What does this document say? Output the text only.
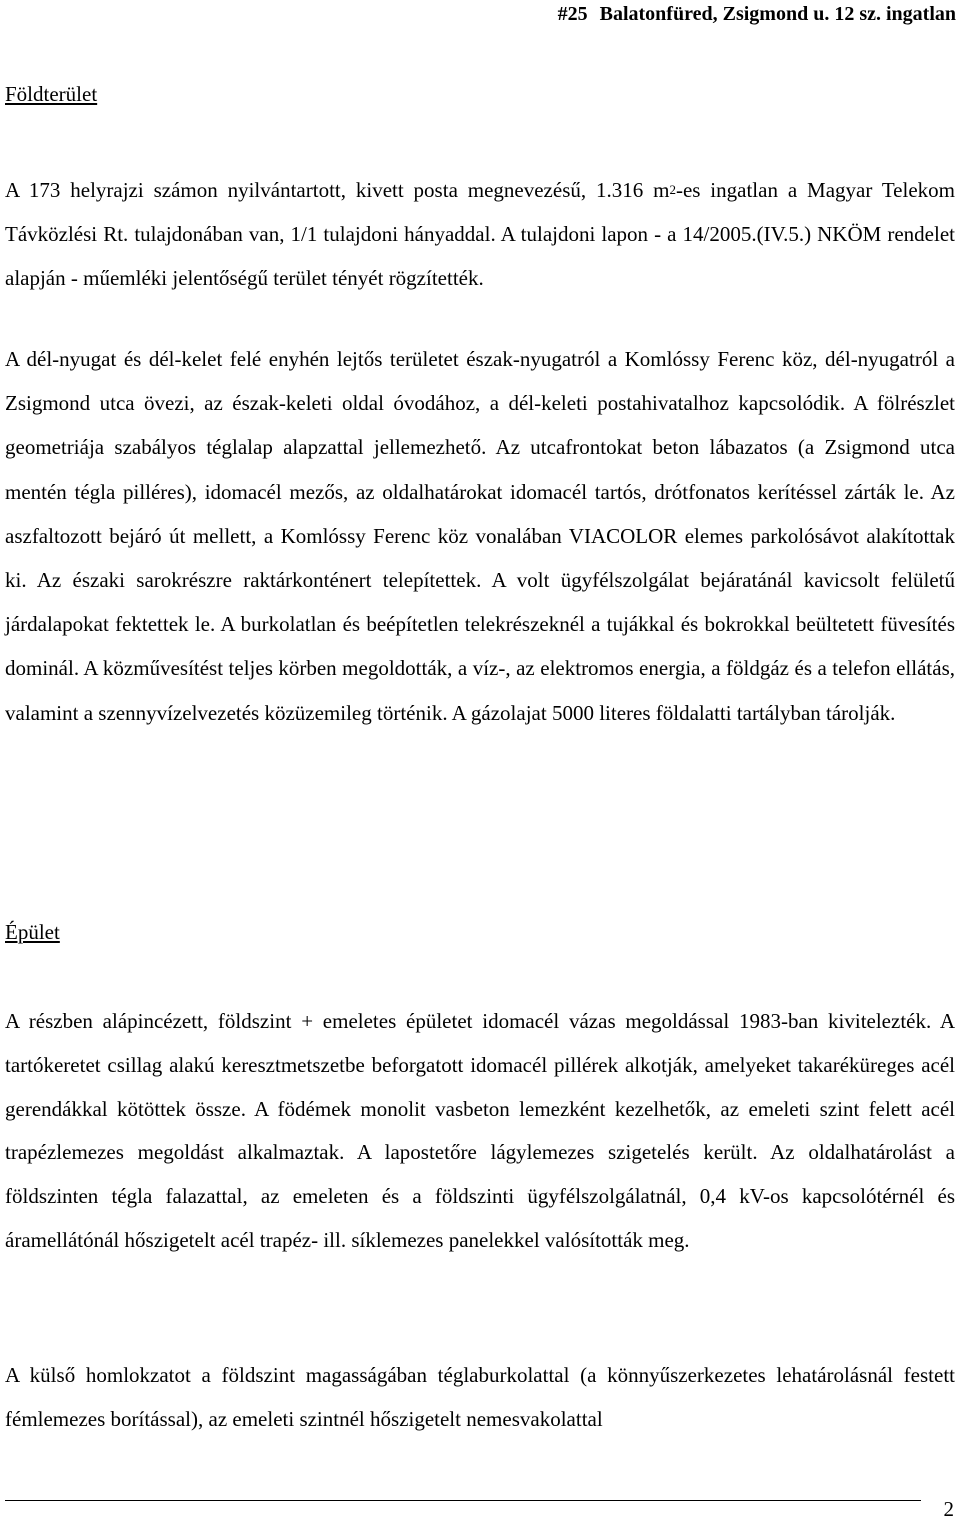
#25 Balatonfüred, Zsigmond u. 12 sz. ingatlan
Földterület

A 173 helyrajzi számon nyilvántartott, kivett posta megnevezésű, 1.316 $m^2-es$ ingatlan a Magyar Telekom Távközlési Rt. tulajdonában van, 1/1 tulajdoni hányaddal. A tulajdoni lapon - a 14/2005.(IV.5.) NKÖM rendelet alapján - műemléki jelentőségű terület tényét rögzítették.

A dél-nyugat és dél-kelet felé enyhén lejtős területet észak-nyugatról a Komlóssy Ferenc köz, dél-nyugatról a Zsigmond utca övezi, az észak-keleti oldal óvodához, a dél-keleti postahivatalhoz kapcsolódik. A fölrészlet geometriája szabályos téglalap alapzattal jellemezhető. Az utcafrontokat beton lábazatos (a Zsigmond utca mentén tégla pilléres), idomacél mezős, az oldalhatárokat idomacél tartós, drótfonatos kerítéssel zárták le. Az aszfaltozott bejáró út mellett, a Komlóssy Ferenc köz vonalában VIACOLOR elemes parkolósávot alakítottak ki. Az északi sarokrészre raktárkonténert telepítettek. A volt ügyfélszolgálat bejáratánál kavicsolt felületű járdalapokat fektettek le. A burkolatlan és beépítetlen telekrészeknél a tujákkal és bokrokkal beültetett füvesítés dominál. A közművesítést teljes körben megoldották, a víz-, az elektromos energia, a földgáz és a telefon ellátás, valamint a szennyvízelvezetés közüzemileg történik. A gázolajat 5000 literes földalatti tartályban tárolják.

Épület

A részben alápincézett, földszint + emeletes épületet idomacél vázas megoldással 1983-ban kivitelezték. A tartókeretet csillag alakú keresztmetszetbe beforgatott idomacél pillérek alkotják, amelyeket takaréküreges acél gerendákkal kötöttek össze. A födémek monolit vasbeton lemezként kezelhetők, az emeleti szint felett acél trapézlemezes megoldást alkalmaztak. A lapostetőre lágylemezes szigetelés került. Az oldalhatárolást a földszinten tégla falazattal, az emeleten és a földszinti ügyfélszolgálatnál, 0,4 kV-os kapcsolótérnél és áramellátónál hőszigetelt acél trapéz- ill. síklemezes panelekkel valósították meg.

A külső homlokzatot a földszint magasságában téglaburkolattal (a könnyűszerkezetes lehatárolásnál festett fémlemezes borítással), az emeleti szintnél hőszigetelt nemesvakolattal

2
